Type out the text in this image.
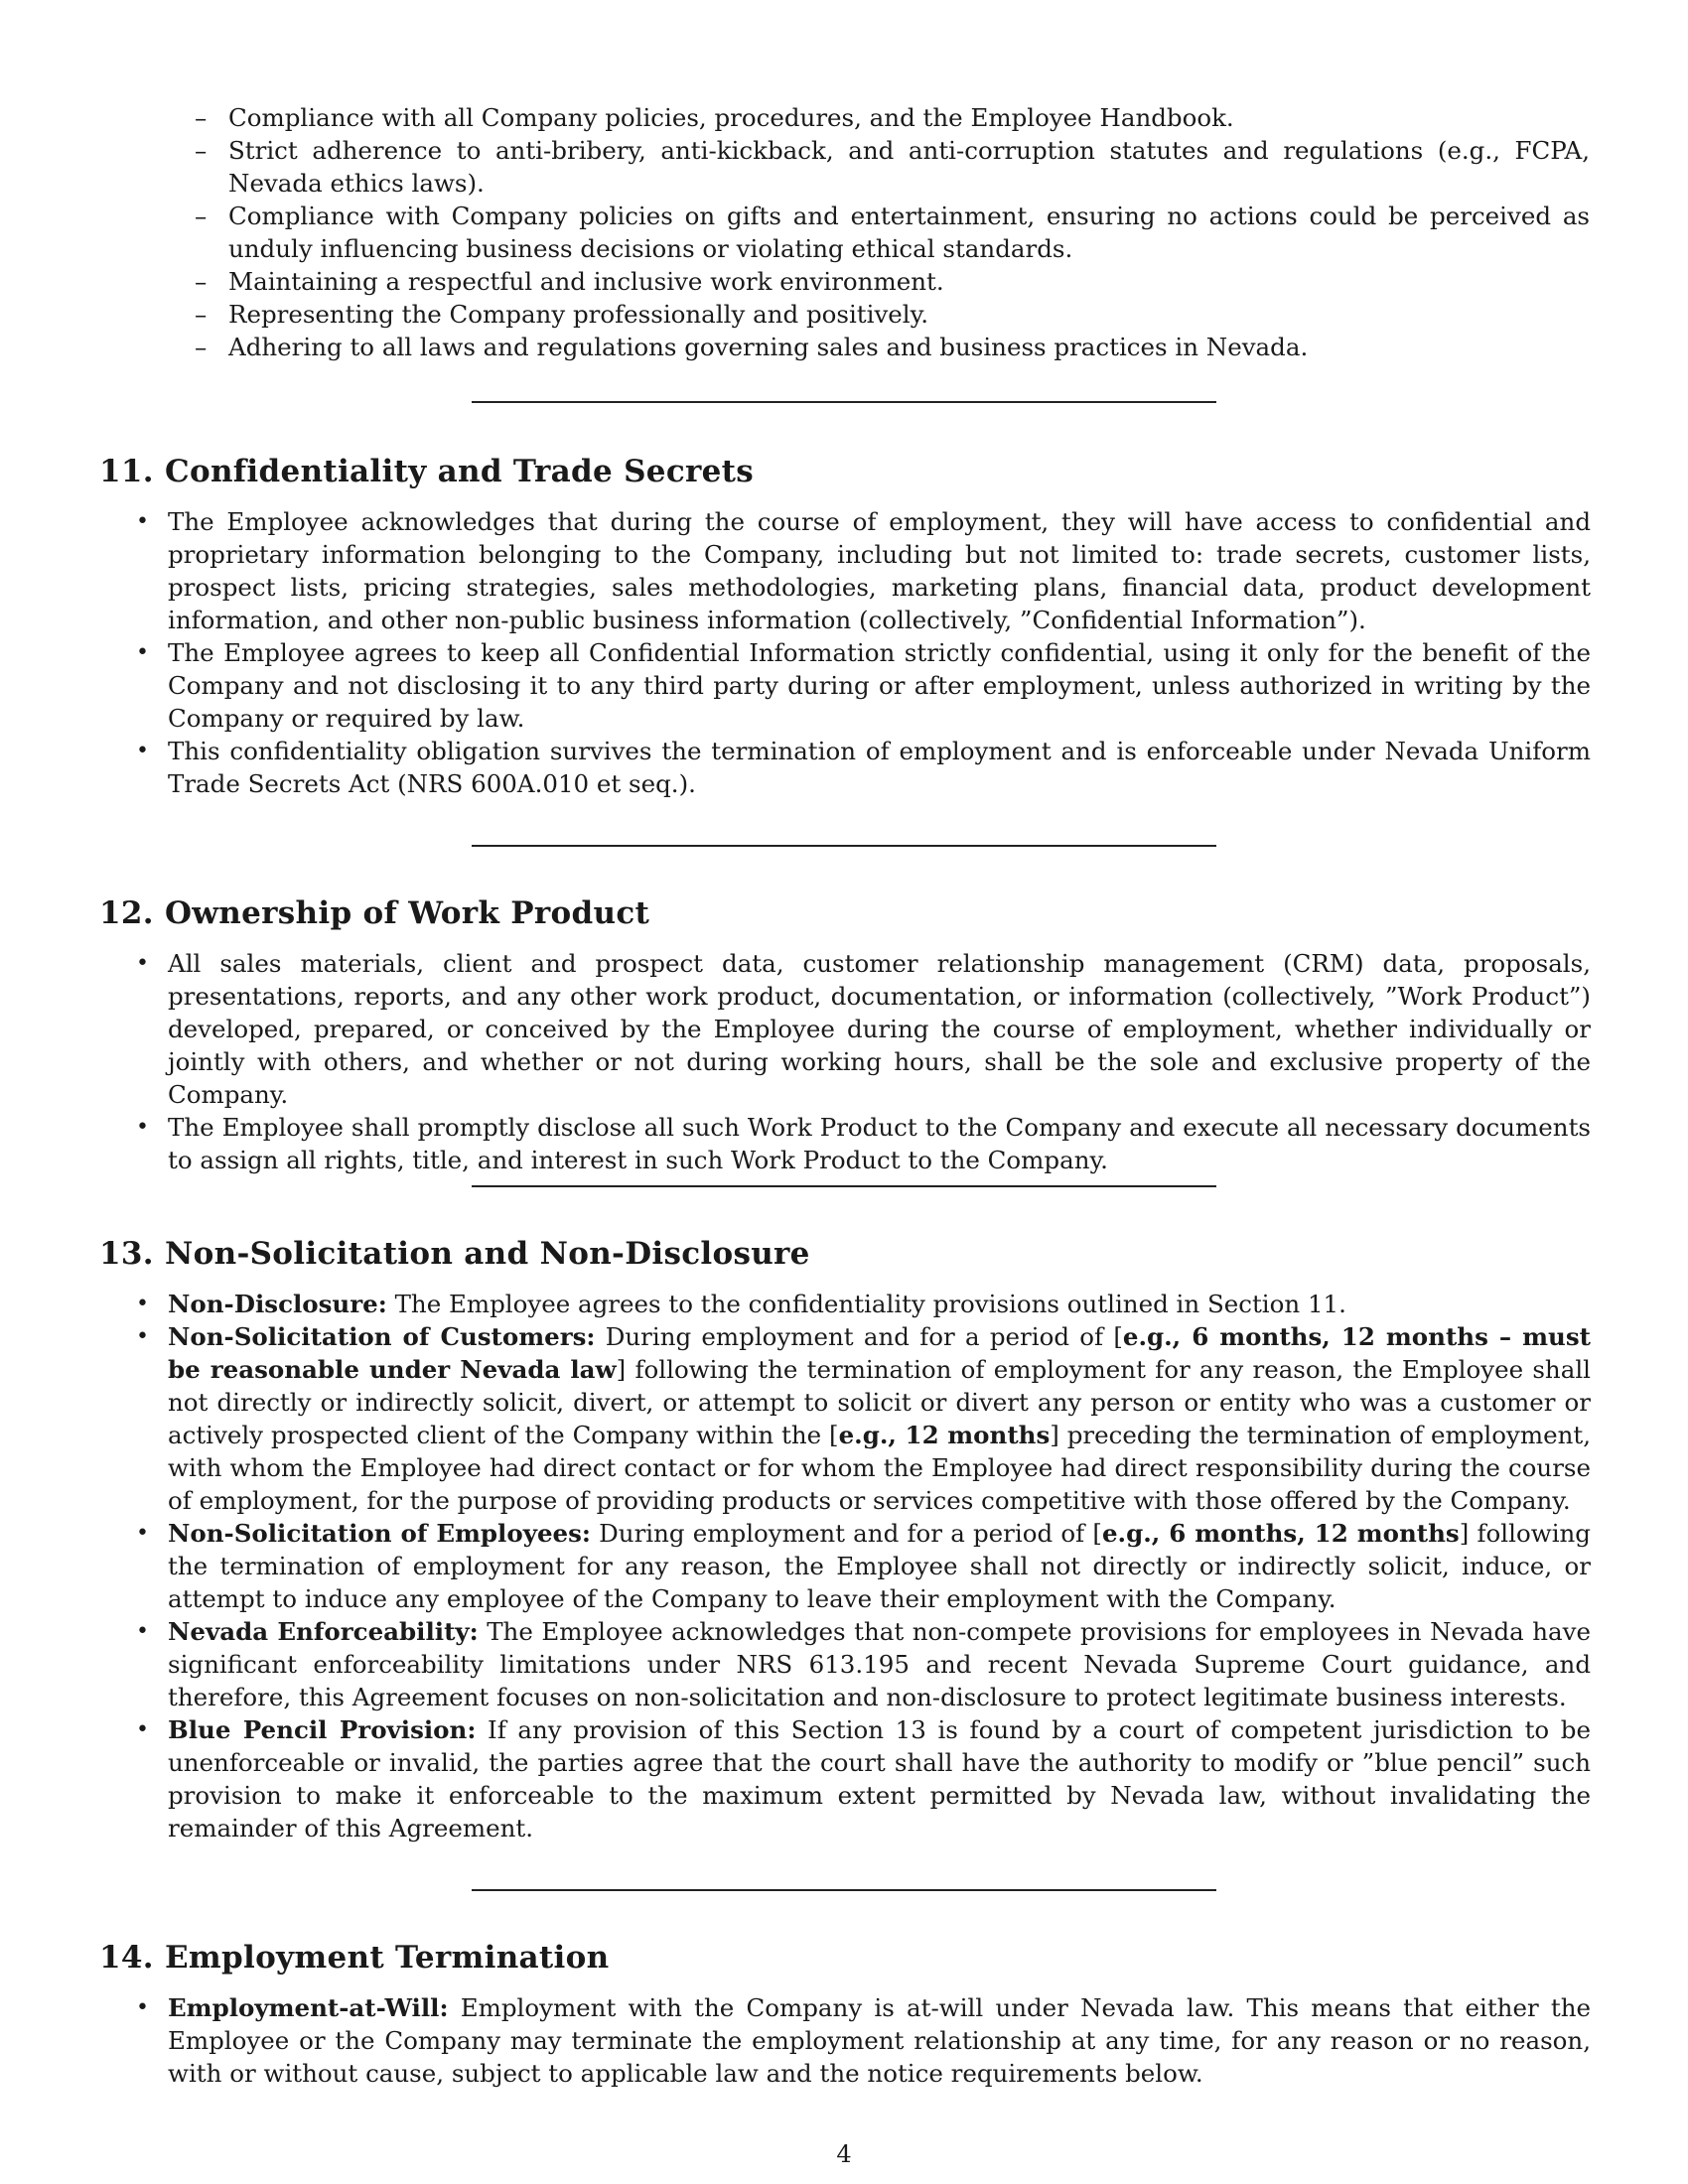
– Compliance with all Company policies, procedures, and the Employee Handbook.
– Strict adherence to anti-bribery, anti-kickback, and anti-corruption statutes and regulations (e.g., FCPA, Nevada ethics laws).
– Compliance with Company policies on gifts and entertainment, ensuring no actions could be perceived as unduly influencing business decisions or violating ethical standards.
– Maintaining a respectful and inclusive work environment.
– Representing the Company professionally and positively.
– Adhering to all laws and regulations governing sales and business practices in Nevada.
11. Confidentiality and Trade Secrets
• The Employee acknowledges that during the course of employment, they will have access to confidential and proprietary information belonging to the Company, including but not limited to: trade secrets, customer lists, prospect lists, pricing strategies, sales methodologies, marketing plans, financial data, product development information, and other non-public business information (collectively, ”Confidential Information”).
• The Employee agrees to keep all Confidential Information strictly confidential, using it only for the benefit of the Company and not disclosing it to any third party during or after employment, unless authorized in writing by the Company or required by law.
• This confidentiality obligation survives the termination of employment and is enforceable under Nevada Uniform Trade Secrets Act (NRS 600A.010 et seq.).
12. Ownership of Work Product
• All sales materials, client and prospect data, customer relationship management (CRM) data, proposals, presentations, reports, and any other work product, documentation, or information (collectively, ”Work Product”) developed, prepared, or conceived by the Employee during the course of employment, whether individually or jointly with others, and whether or not during working hours, shall be the sole and exclusive property of the Company.
• The Employee shall promptly disclose all such Work Product to the Company and execute all necessary documents to assign all rights, title, and interest in such Work Product to the Company.
13. Non-Solicitation and Non-Disclosure
• Non-Disclosure: The Employee agrees to the confidentiality provisions outlined in Section 11.
• Non-Solicitation of Customers: During employment and for a period of [e.g., 6 months, 12 months – must be reasonable under Nevada law] following the termination of employment for any reason, the Employee shall not directly or indirectly solicit, divert, or attempt to solicit or divert any person or entity who was a customer or actively prospected client of the Company within the [e.g., 12 months] preceding the termination of employment, with whom the Employee had direct contact or for whom the Employee had direct responsibility during the course of employment, for the purpose of providing products or services competitive with those offered by the Company.
• Non-Solicitation of Employees: During employment and for a period of [e.g., 6 months, 12 months] following the termination of employment for any reason, the Employee shall not directly or indirectly solicit, induce, or attempt to induce any employee of the Company to leave their employment with the Company.
• Nevada Enforceability: The Employee acknowledges that non-compete provisions for employees in Nevada have significant enforceability limitations under NRS 613.195 and recent Nevada Supreme Court guidance, and therefore, this Agreement focuses on non-solicitation and non-disclosure to protect legitimate business interests.
• Blue Pencil Provision: If any provision of this Section 13 is found by a court of competent jurisdiction to be unenforceable or invalid, the parties agree that the court shall have the authority to modify or ”blue pencil” such provision to make it enforceable to the maximum extent permitted by Nevada law, without invalidating the remainder of this Agreement.
14. Employment Termination
• Employment-at-Will: Employment with the Company is at-will under Nevada law. This means that either the Employee or the Company may terminate the employment relationship at any time, for any reason or no reason, with or without cause, subject to applicable law and the notice requirements below.
4
